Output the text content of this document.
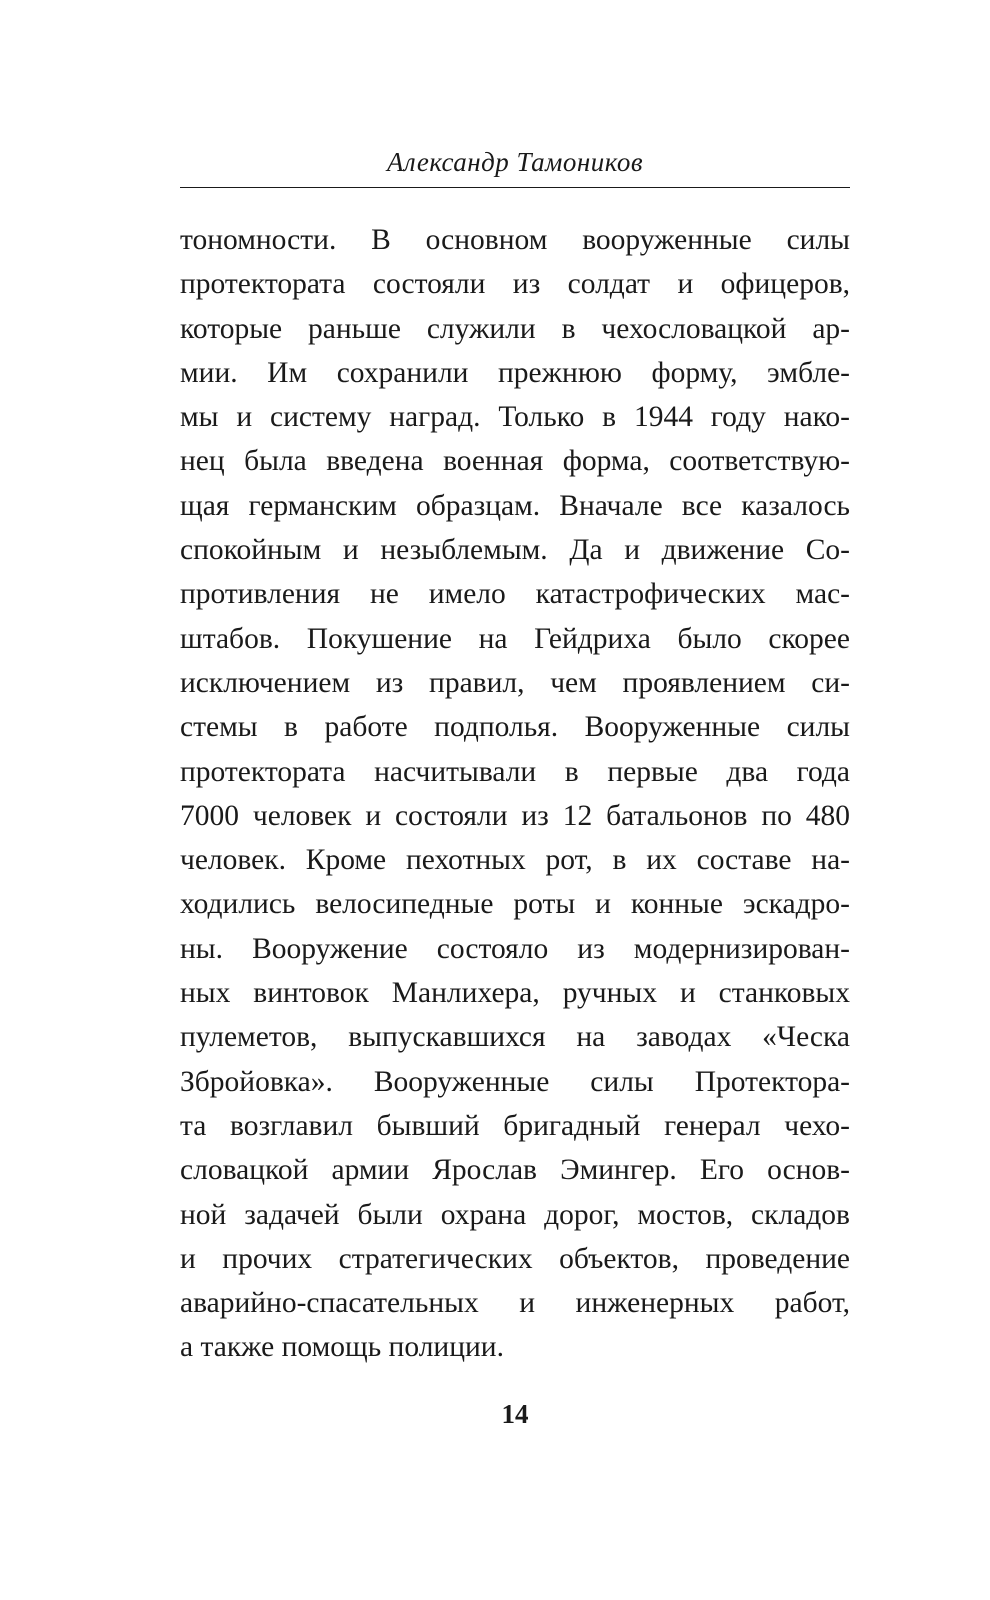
Александр Тамоников
тономности. В основном вооруженные силы
протектората состояли из солдат и офицеров,
которые раньше служили в чехословацкой ар-
мии. Им сохранили прежнюю форму, эмбле-
мы и систему наград. Только в 1944 году нако-
нец была введена военная форма, соответствую-
щая германским образцам. Вначале все казалось
спокойным и незыблемым. Да и движение Со-
противления не имело катастрофических мас-
штабов. Покушение на Гейдриха было скорее
исключением из правил, чем проявлением си-
стемы в работе подполья. Вооруженные силы
протектората насчитывали в первые два года
7000 человек и состояли из 12 батальонов по 480
человек. Кроме пехотных рот, в их составе на-
ходились велосипедные роты и конные эскадро-
ны. Вооружение состояло из модернизирован-
ных винтовок Манлихера, ручных и станковых
пулеметов, выпускавшихся на заводах «Ческа
Збройовка». Вооруженные силы Протектора-
та возглавил бывший бригадный генерал чехо-
словацкой армии Ярослав Эмингер. Его основ-
ной задачей были охрана дорог, мостов, складов
и прочих стратегических объектов, проведение
аварийно-спасательных и инженерных работ,
а также помощь полиции.
14
